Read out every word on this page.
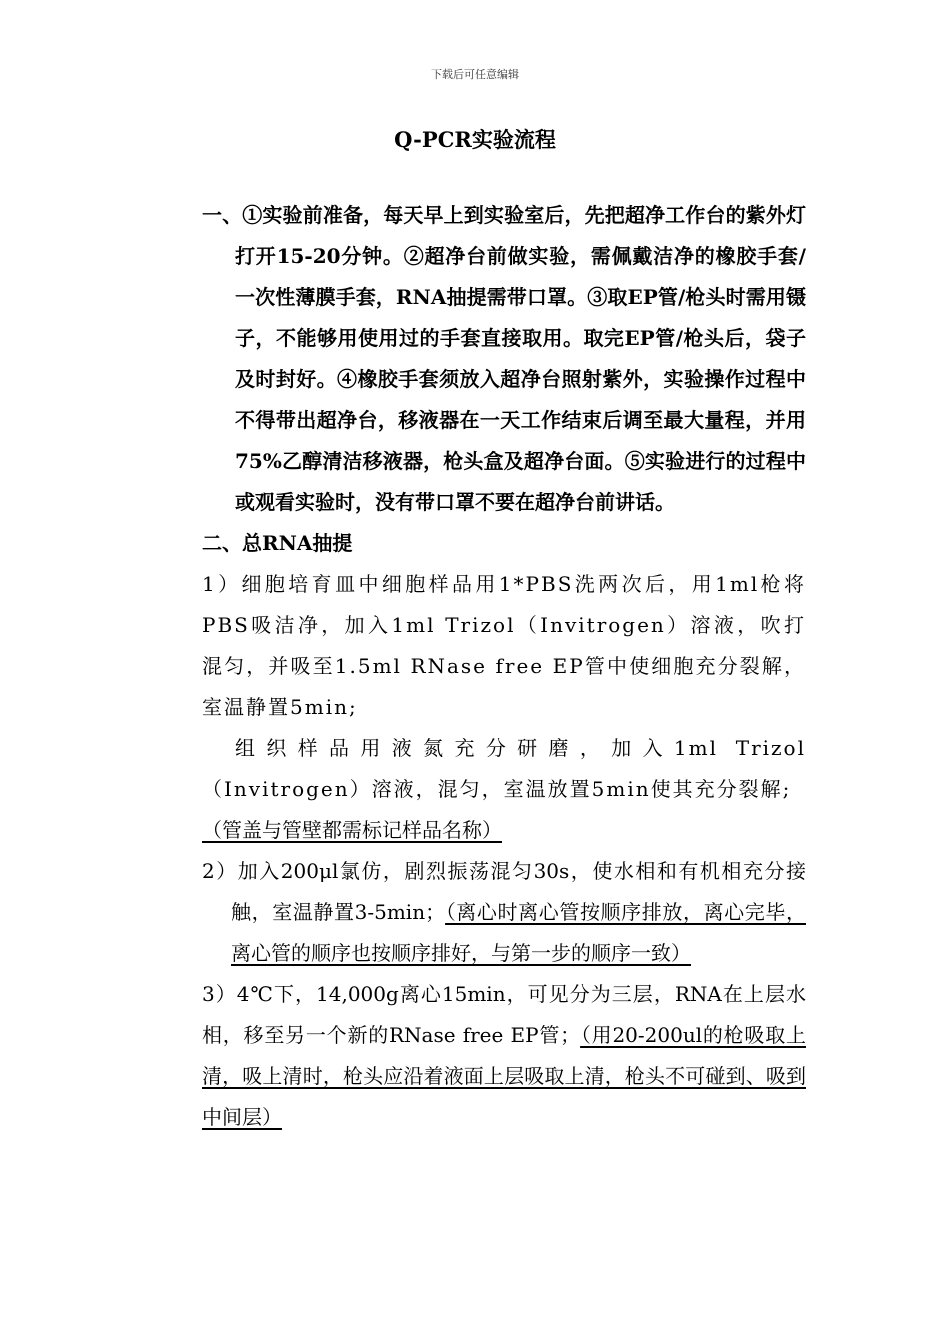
下载后可任意编辑
Q-PCR实验流程

一、①实验前准备，每天早上到实验室后，先把超净工作台的紫外灯打开15-20分钟。②超净台前做实验，需佩戴洁净的橡胶手套/一次性薄膜手套，RNA抽提需带口罩。③取EP管/枪头时需用镊子，不能够用使用过的手套直接取用。取完EP管/枪头后，袋子及时封好。④橡胶手套须放入超净台照射紫外，实验操作过程中不得带出超净台，移液器在一天工作结束后调至最大量程，并用75%乙醇清洁移液器，枪头盒及超净台面。⑤实验进行的过程中或观看实验时，没有带口罩不要在超净台前讲话。

二、总RNA抽提

1）细胞培育皿中细胞样品用1*PBS洗两次后，用1ml枪将PBS吸洁净，加入1ml Trizol（Invitrogen）溶液，吹打混匀，并吸至1.5ml RNase free EP管中使细胞充分裂解，室温静置5min;

组织样品用液氮充分研磨，加入1ml Trizol（Invitrogen）溶液，混匀，室温放置5min使其充分裂解;

（管盖与管壁都需标记样品名称）

2）加入200μl氯仿，剧烈振荡混匀30s，使水相和有机相充分接触，室温静置3-5min；（离心时离心管按顺序排放，离心完毕，离心管的顺序也按顺序排好，与第一步的顺序一致）

3）4℃下，14,000g离心15min，可见分为三层，RNA在上层水相，移至另一个新的RNase free EP管；（用20-200ul的枪吸取上清，吸上清时，枪头应沿着液面上层吸取上清，枪头不可碰到、吸到中间层）
